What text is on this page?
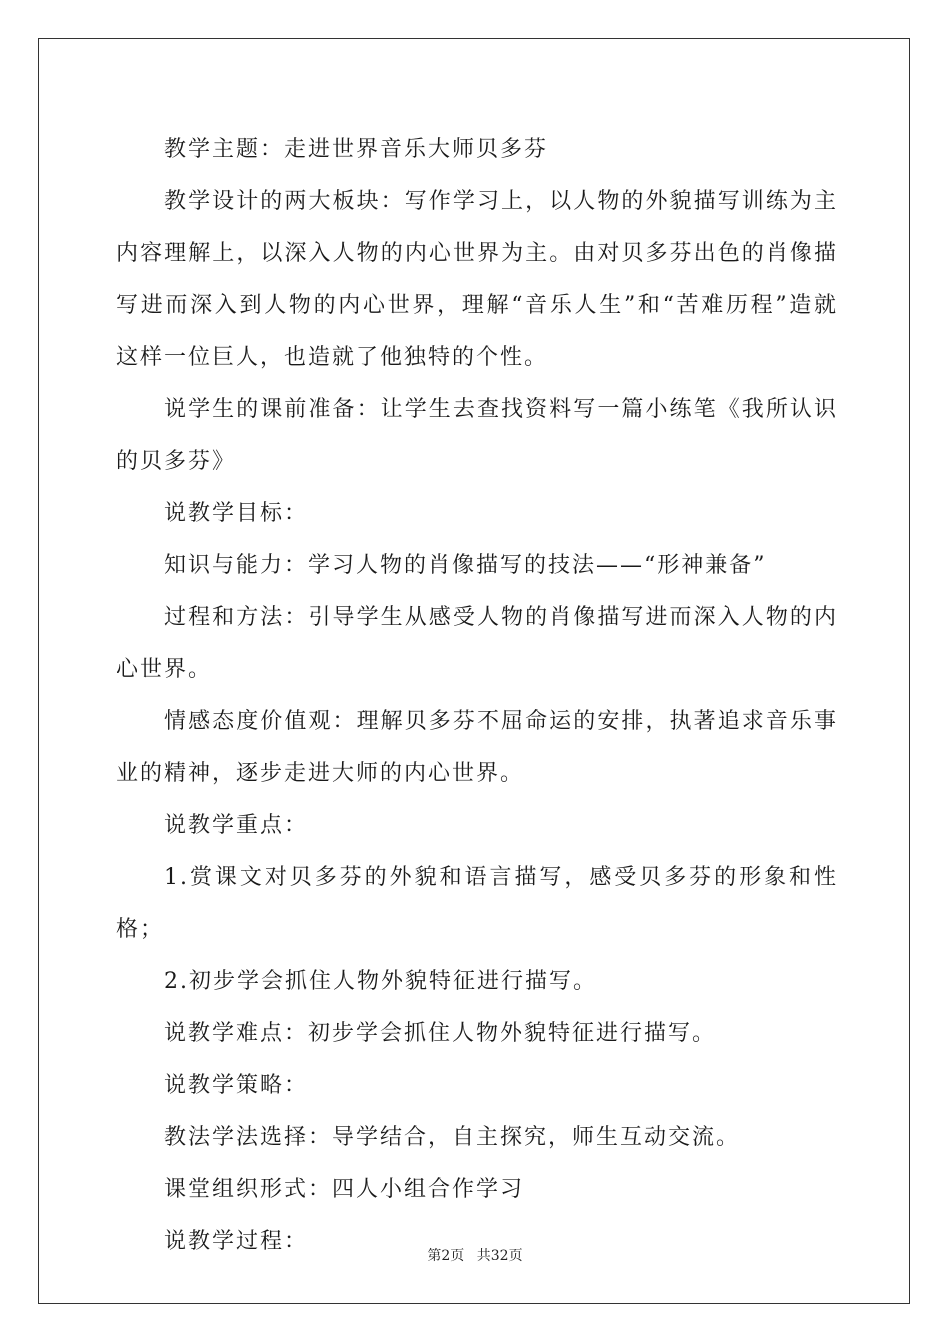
教学主题：走进世界音乐大师贝多芬

教学设计的两大板块：写作学习上，以人物的外貌描写训练为主内容理解上，以深入人物的内心世界为主。由对贝多芬出色的肖像描写进而深入到人物的内心世界，理解“音乐人生”和“苦难历程”造就这样一位巨人，也造就了他独特的个性。

说学生的课前准备：让学生去查找资料写一篇小练笔《我所认识的贝多芬》

说教学目标：

知识与能力：学习人物的肖像描写的技法——“形神兼备”

过程和方法：引导学生从感受人物的肖像描写进而深入人物的内心世界。

情感态度价值观：理解贝多芬不屈命运的安排，执著追求音乐事业的精神，逐步走进大师的内心世界。

说教学重点：

1.赏课文对贝多芬的外貌和语言描写，感受贝多芬的形象和性格；

2.初步学会抓住人物外貌特征进行描写。

说教学难点：初步学会抓住人物外貌特征进行描写。

说教学策略：

教法学法选择：导学结合，自主探究，师生互动交流。

课堂组织形式：四人小组合作学习

说教学过程：

第2页 共32页
